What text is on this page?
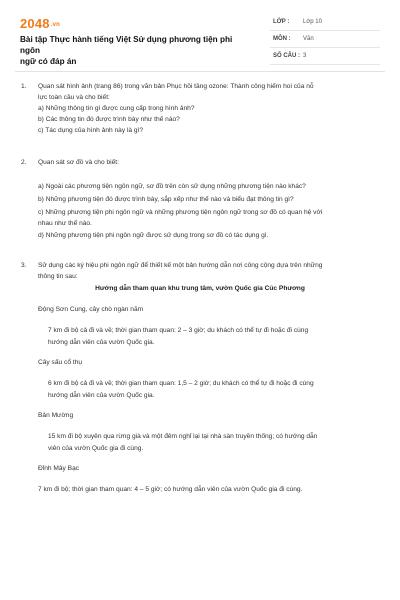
2048.vn
Bài tập Thực hành tiếng Việt Sử dụng phương tiện phi ngôn
ngữ có đáp án
LỚP : Lớp 10
MÔN : Văn
SỐ CÂU : 3
1. Quan sát hình ảnh (trang 86) trong văn bản Phục hồi tầng ozone: Thành công hiếm hoi của nỗ
lực toàn cầu và cho biết:
a) Những thông tin gì được cung cấp trong hình ảnh?
b) Các thông tin đó được trình bày như thế nào?
c) Tác dụng của hình ảnh này là gì?
2. Quan sát sơ đồ và cho biết:
a) Ngoài các phương tiện ngôn ngữ, sơ đồ trên còn sử dụng những phương tiện nào khác?
b) Những phương tiện đó được trình bày, sắp xếp như thế nào và biểu đạt thông tin gì?
c) Những phương tiện phi ngôn ngữ và những phương tiện ngôn ngữ trong sơ đồ có quan hệ với
nhau như thế nào.
d) Những phương tiện phi ngôn ngữ được sử dụng trong sơ đồ có tác dụng gì.
3. Sử dụng các ký hiệu phi ngôn ngữ để thiết kế một bản hướng dẫn nơi công cộng dựa trên những
thông tin sau:
Hướng dẫn tham quan khu trung tâm, vườn Quốc gia Cúc Phương
Động Sơn Cung, cây chò ngàn năm
7 km đi bộ cả đi và về; thời gian tham quan: 2 – 3 giờ; du khách có thể tự đi hoặc đi cùng
hướng dẫn viên của vườn Quốc gia.
Cây sấu cổ thụ
6 km đi bộ cả đi và về; thời gian tham quan: 1,5 – 2 giờ; du khách có thể tự đi hoặc đi cùng
hướng dẫn viên của vườn Quốc gia.
Bản Mường
15 km đi bộ xuyên qua rừng già và một đêm nghỉ lại tại nhà sàn truyền thống; có hướng dẫn
viên của vườn Quốc gia đi cùng.
Đỉnh Mây Bạc
7 km đi bộ; thời gian tham quan: 4 – 5 giờ; có hướng dẫn viên của vườn Quốc gia đi cùng.
